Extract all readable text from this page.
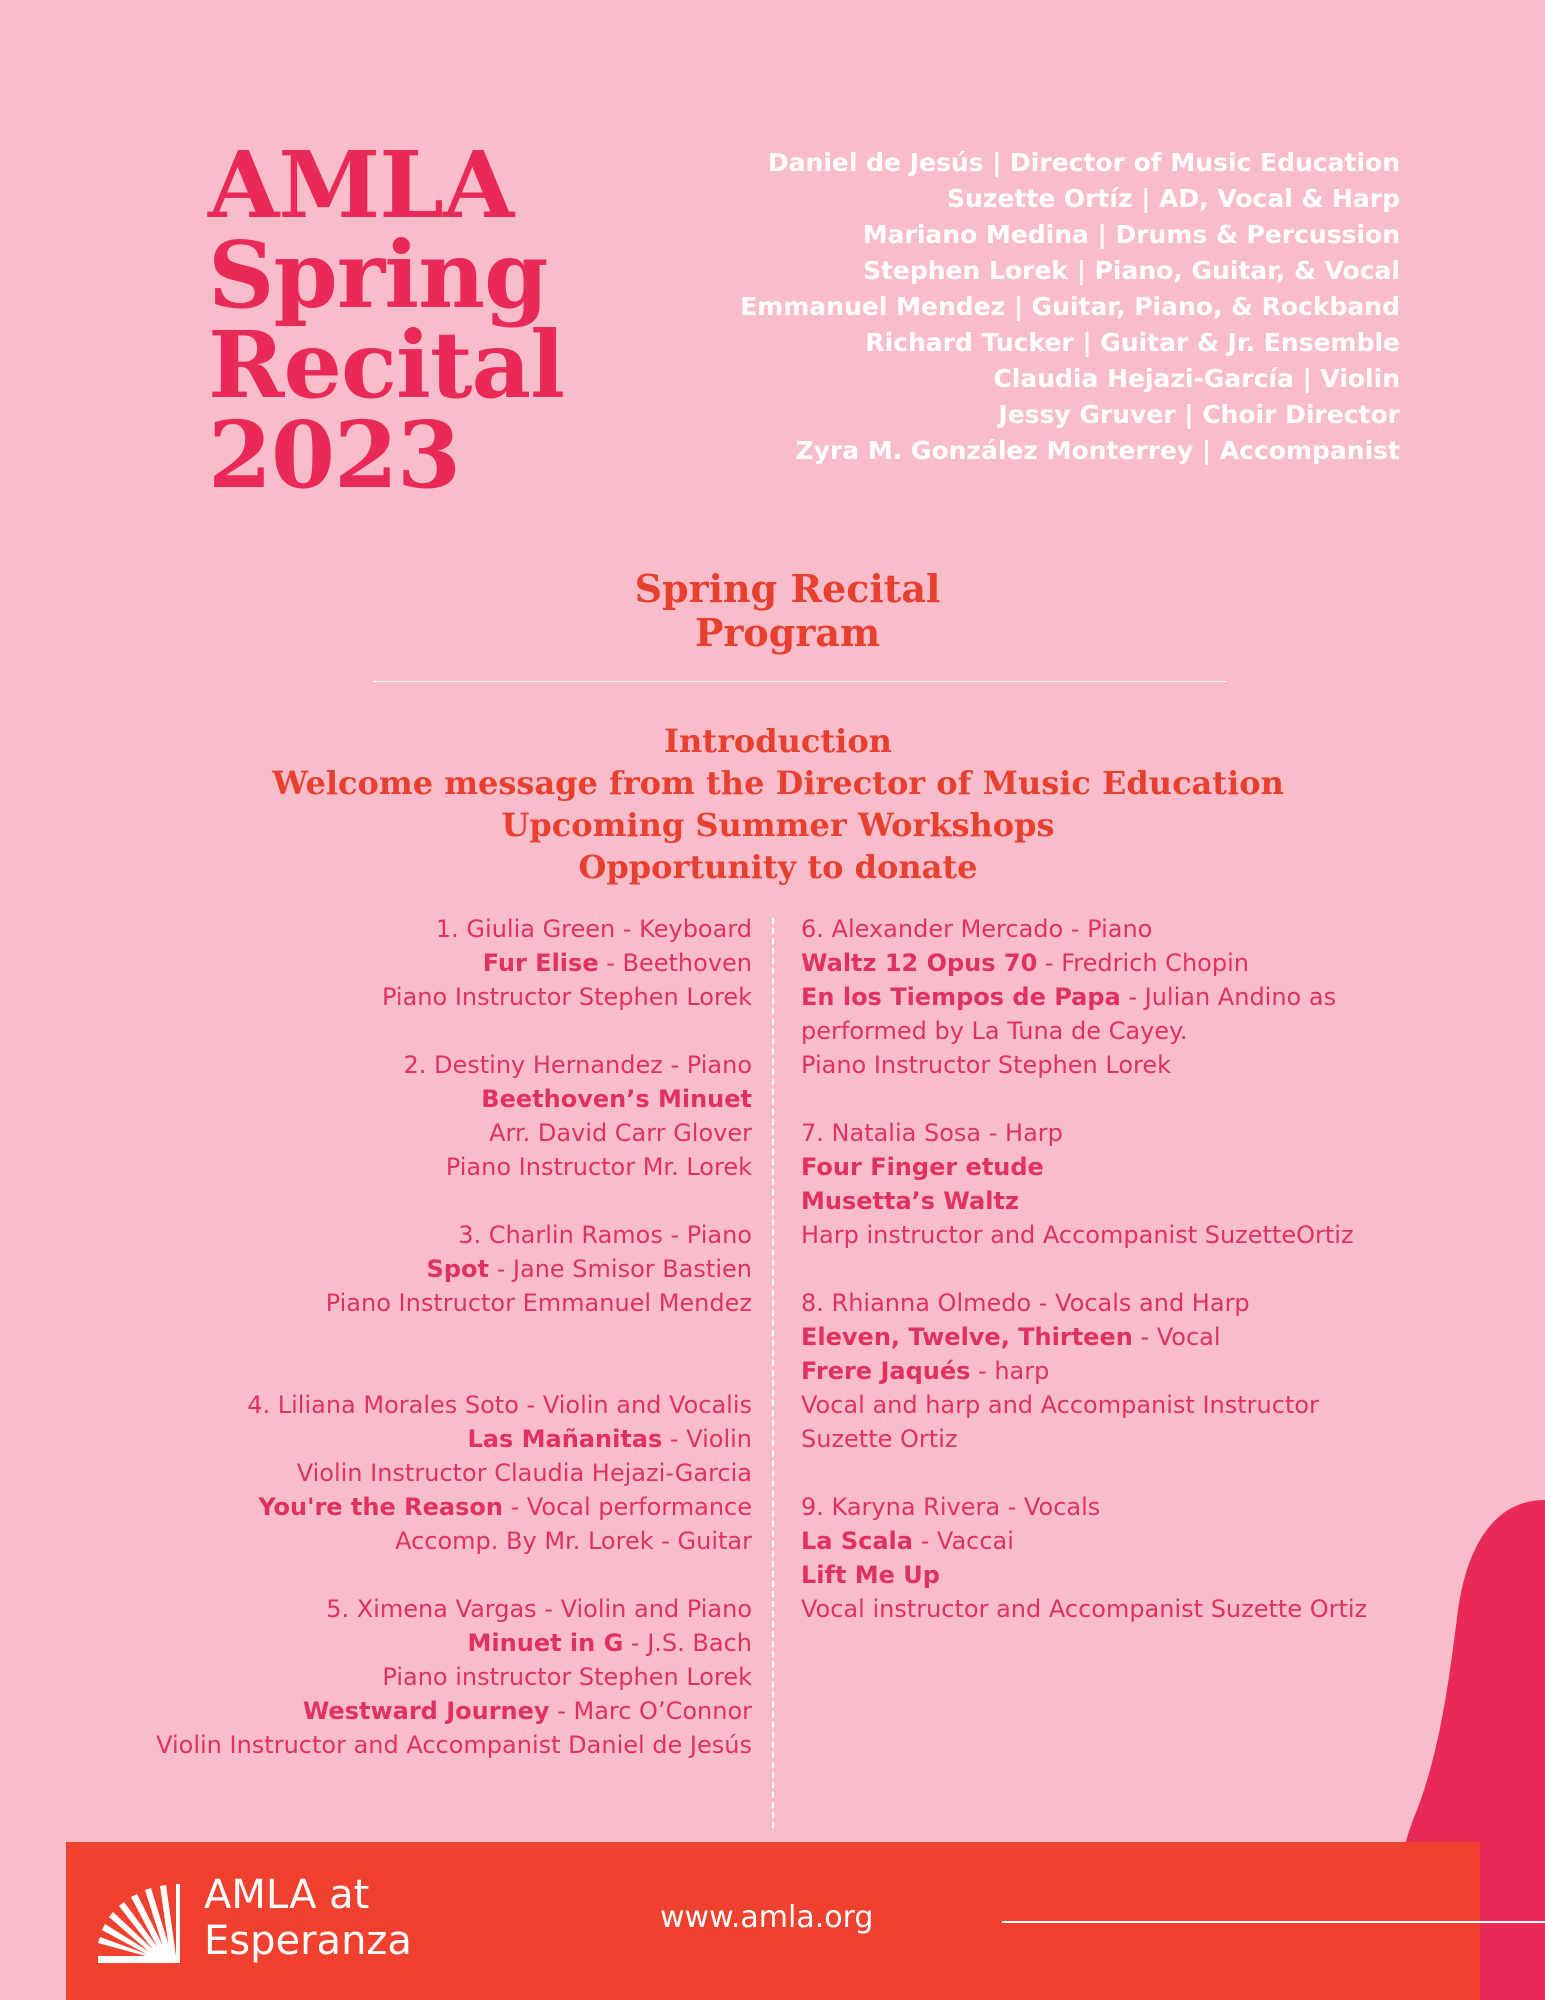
AMLA
Spring
Recital
2023
Daniel de Jesús | Director of Music Education
Suzette Ortíz | AD, Vocal & Harp
Mariano Medina | Drums & Percussion
Stephen Lorek | Piano, Guitar, & Vocal
Emmanuel Mendez | Guitar, Piano, & Rockband
Richard Tucker | Guitar & Jr. Ensemble
Claudia Hejazi-García | Violin
Jessy Gruver | Choir Director
Zyra M. González Monterrey | Accompanist
Spring Recital
Program
Introduction
Welcome message from the Director of Music Education
Upcoming Summer Workshops
Opportunity to donate
1. Giulia Green - Keyboard
Fur Elise - Beethoven
Piano Instructor Stephen Lorek
2. Destiny Hernandez - Piano
Beethoven’s Minuet
Arr. David Carr Glover
Piano Instructor Mr. Lorek
3. Charlin Ramos - Piano
Spot - Jane Smisor Bastien
Piano Instructor Emmanuel Mendez
4. Liliana Morales Soto - Violin and Vocalis
Las Mañanitas - Violin
Violin Instructor Claudia Hejazi-Garcia
You're the Reason - Vocal performance
Accomp. By Mr. Lorek - Guitar
5. Ximena Vargas - Violin and Piano
Minuet in G - J.S. Bach
Piano instructor Stephen Lorek
Westward Journey - Marc O’Connor
Violin Instructor and Accompanist Daniel de Jesús
6. Alexander Mercado - Piano
Waltz 12 Opus 70 - Fredrich Chopin
En los Tiempos de Papa - Julian Andino as
performed by La Tuna de Cayey.
Piano Instructor Stephen Lorek
7. Natalia Sosa - Harp
Four Finger etude
Musetta’s Waltz
Harp instructor and Accompanist SuzetteOrtiz
8. Rhianna Olmedo - Vocals and Harp
Eleven, Twelve, Thirteen - Vocal
Frere Jaqués - harp
Vocal and harp and Accompanist Instructor
Suzette Ortiz
9. Karyna Rivera - Vocals
La Scala - Vaccai
Lift Me Up
Vocal instructor and Accompanist Suzette Ortiz
AMLA at
Esperanza
www.amla.org
